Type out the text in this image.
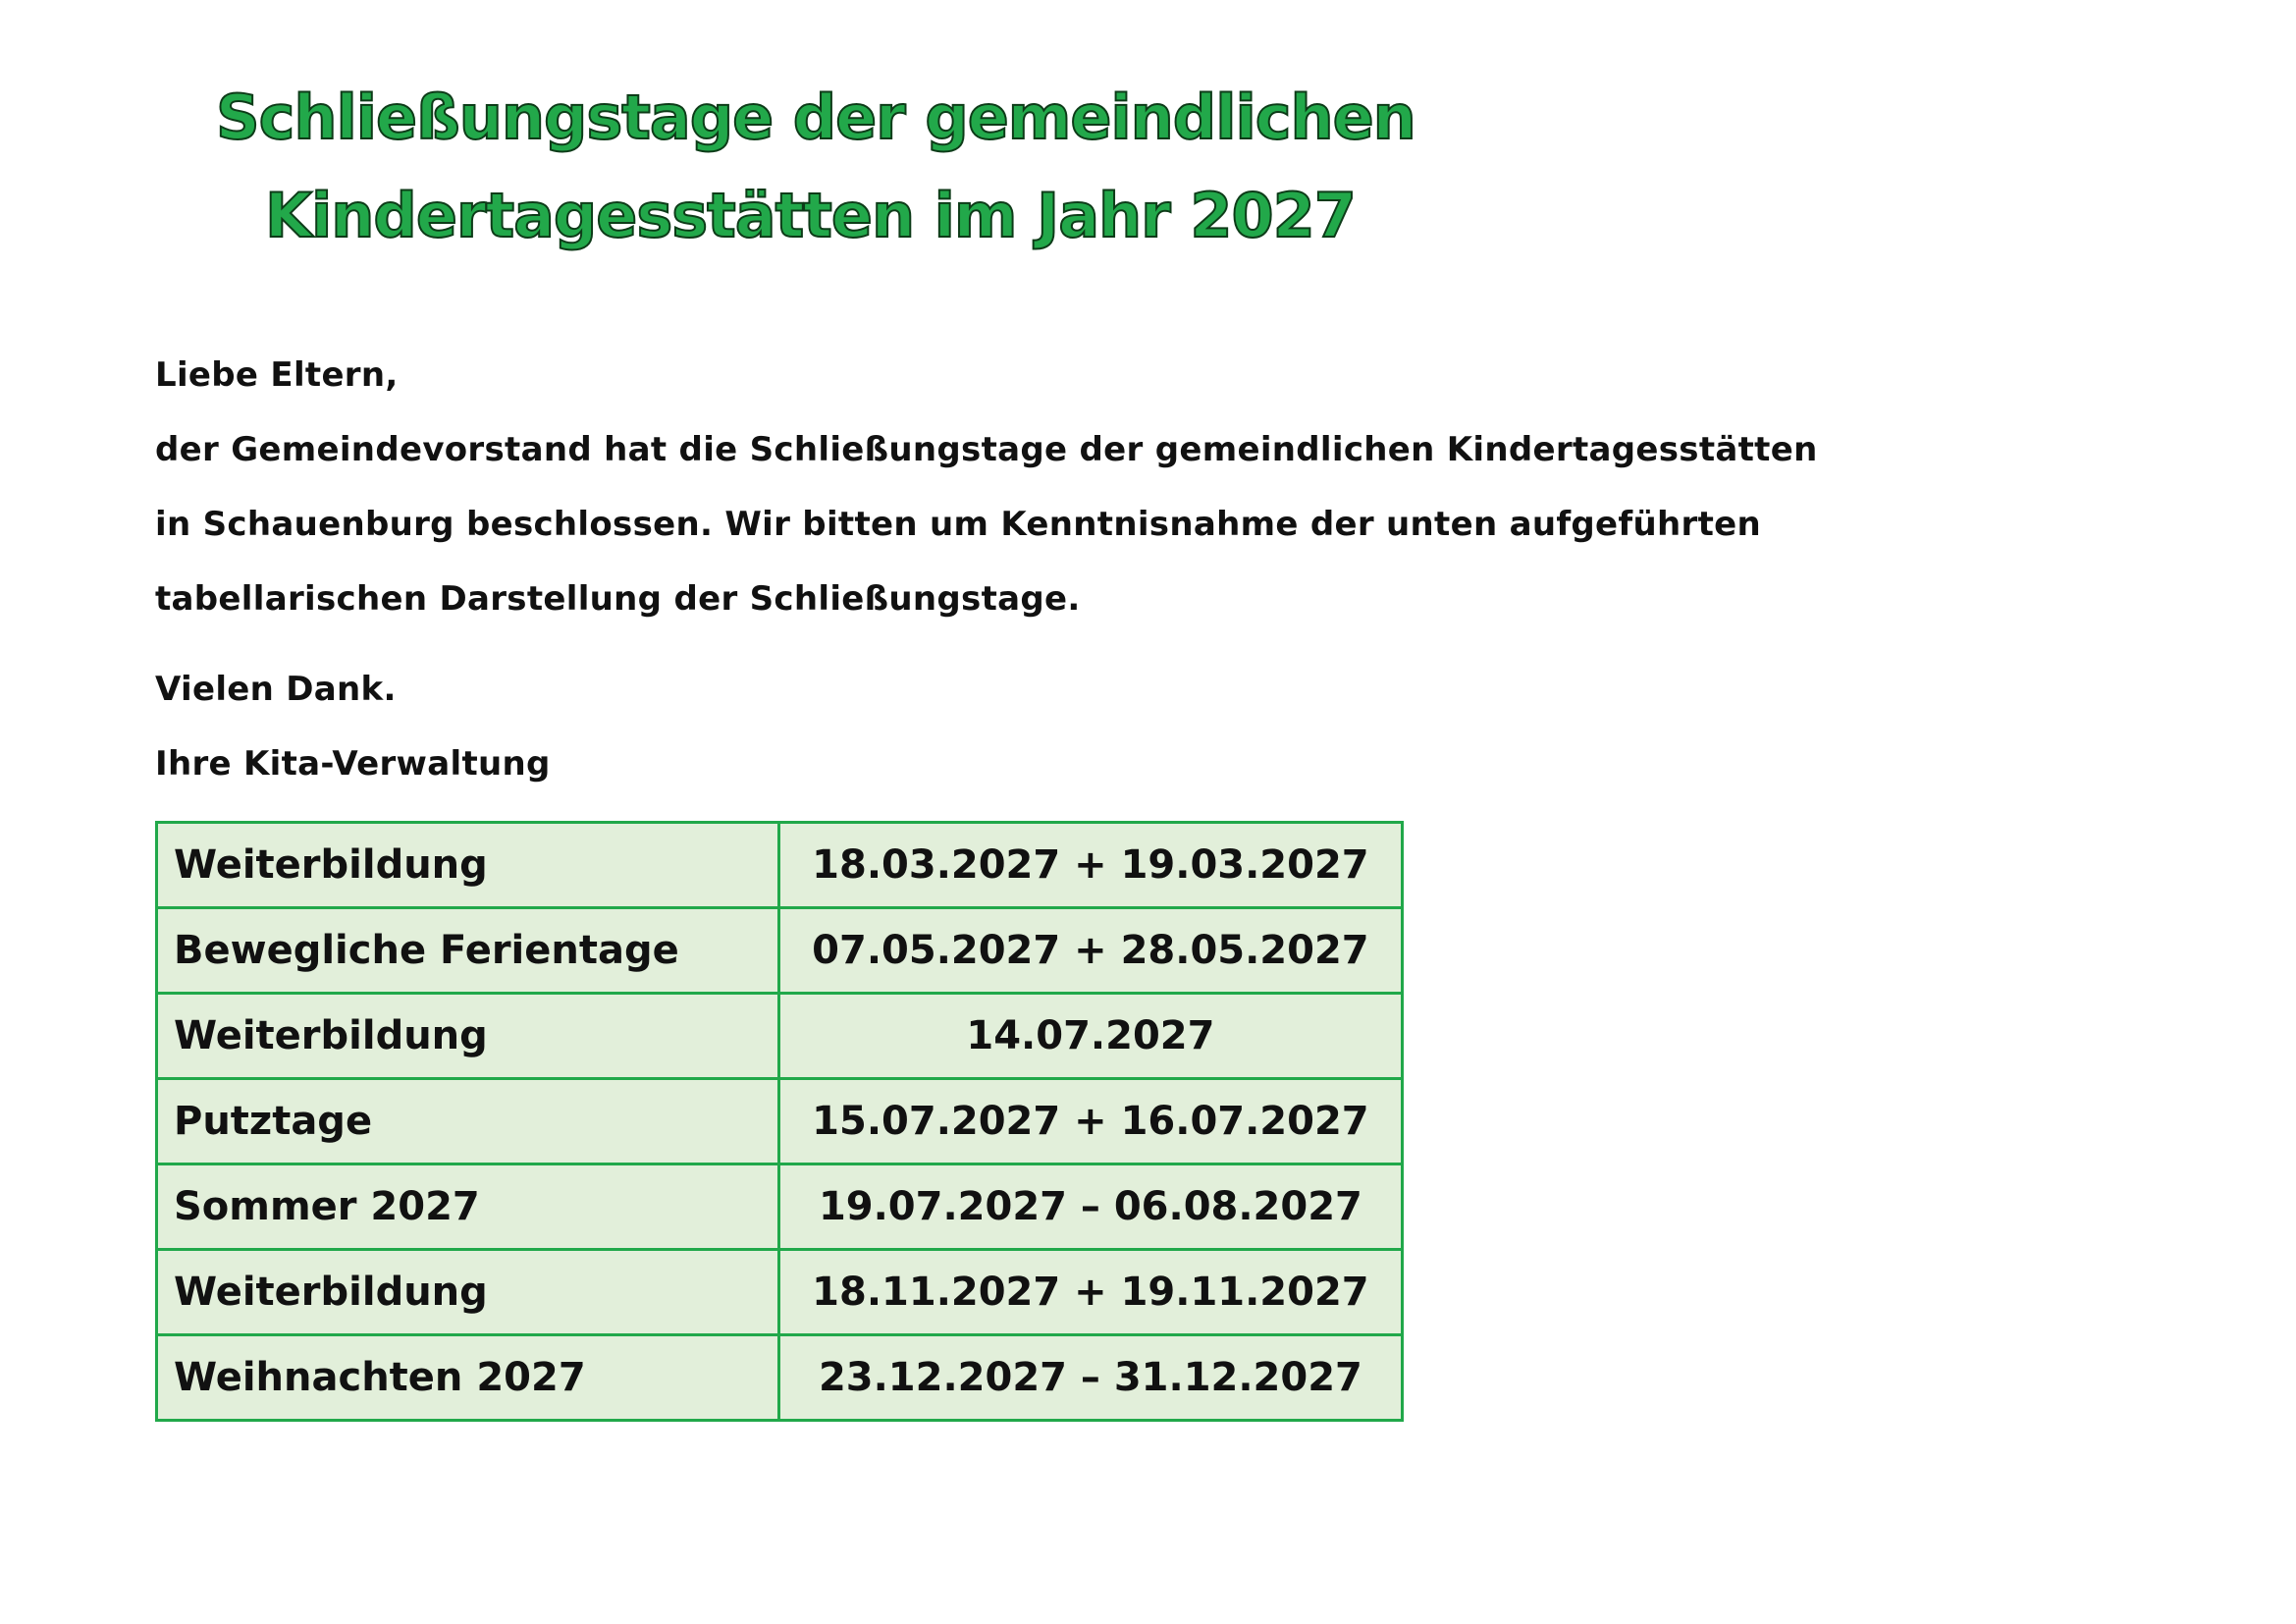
Schließungstage der gemeindlichen
Kindertagesstätten im Jahr 2027

Liebe Eltern,

der Gemeindevorstand hat die Schließungstage der gemeindlichen Kindertagesstätten

in Schauenburg beschlossen. Wir bitten um Kenntnisnahme der unten aufgeführten

tabellarischen Darstellung der Schließungstage.

Vielen Dank.

Ihre Kita-Verwaltung

Weiterbildung	18.03.2027 + 19.03.2027
Bewegliche Ferientage	07.05.2027 + 28.05.2027
Weiterbildung	14.07.2027
Putztage	15.07.2027 + 16.07.2027
Sommer 2027	19.07.2027 – 06.08.2027
Weiterbildung	18.11.2027 + 19.11.2027
Weihnachten 2027	23.12.2027 – 31.12.2027
